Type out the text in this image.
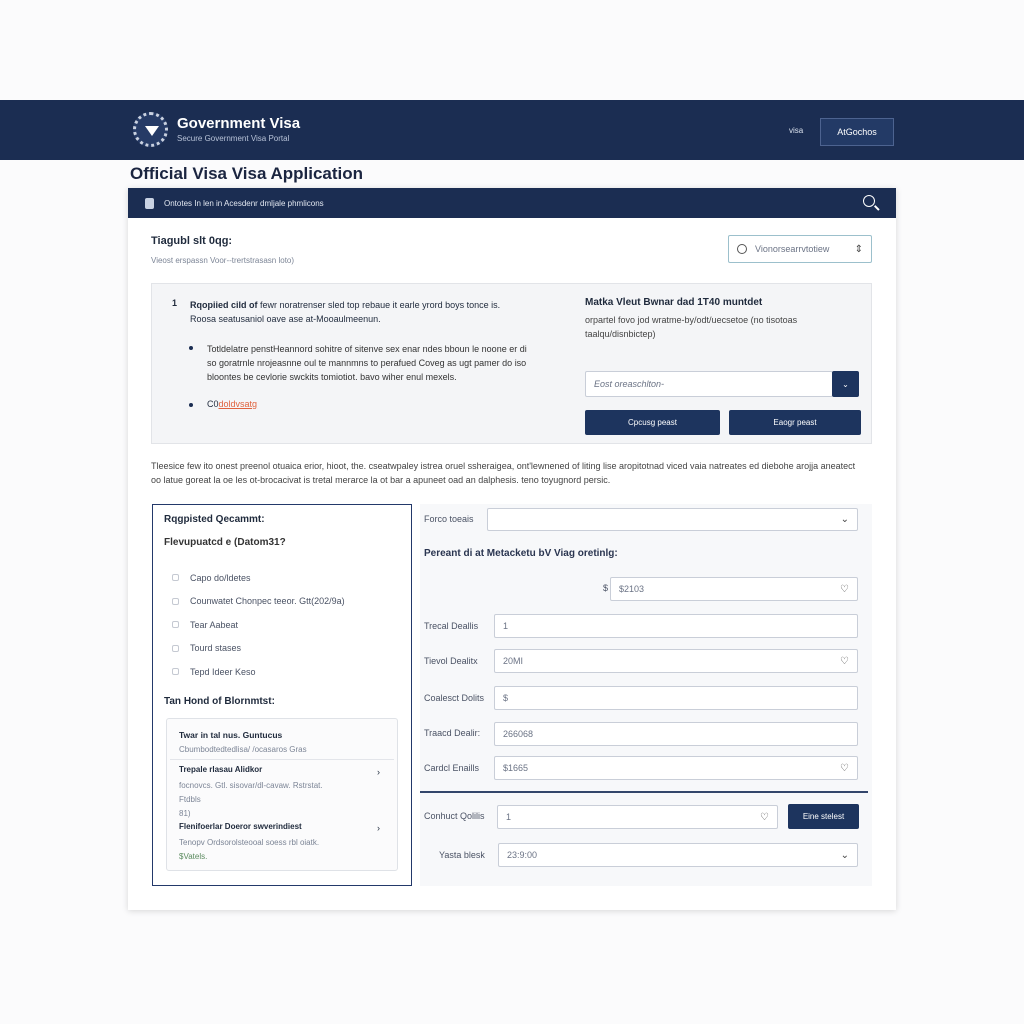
Government Visa
Secure Government Visa Portal
visa	AtGochos
Official Visa Visa Application
Ontotes In len in Acesdenr dmljale phmlicons
Tiagubl slt 0qg:
Vieost erspassn Voor--trertstrasasn loto)
Vionorsearrvtotiew	⇕
1 Rqopiied cild of fewr noratrenser sled top rebaue it earle yrord boys tonce is.
Roosa seatusaniol oave ase at-Mooaulmeenun.
Totldelatre penstHeannord sohitre of sitenve sex enar ndes bboun le noone er di so goratrnle nrojeasnne oul te mannmns to perafued Coveg as ugt pamer do iso bloontes be cevlorie swckits tomiotiot. bavo wiher enul mexels.
C0doldvsatg
Matka Vleut Bwnar dad 1T40 muntdet
orpartel fovo jod wratme-by/odt/uecsetoe (no tisotoas taalqu/disnbictep)
Eost oreaschlton-	⌄
Cpcusg peast	Eaogr peast
Tleesice few ito onest preenol otuaica erior, hioot, the. cseatwpaley istrea oruel ssheraigea, ont'lewnened of liting lise aropitotnad viced vaia natreates ed diebohe arojja aneatect oo latue goreat la oe les ot-brocacivat is tretal merarce la ot bar a apuneet oad an dalphesis. teno toyugnord persic.
Rqgpisted Qecammt:
Flevupuatcd e (Datom31?
Capo do/ldetes
Counwatet Chonpec teeor. Gtt(202/9a)
Tear Aabeat
Tourd stases
Tepd Ideer Keso
Tan Hond of Blornmtst:
Twar in tal nus. Guntucus
Cbumbodtedtedlisa/ /ocasaros Gras
Trepale rlasau Alidkor	›
focnovcs. Gtl. sisovar/dl-cavaw. Rstrstat.
Ftdbls
81)
Flenifoerlar Doeror swverindiest	›
Tenopv Ordsorolsteooal soess rbl oiatk.
$Vatels.
Forco toeais	⌄
Pereant di at Metacketu bV Viag oretinlg:
$ $2103	♡
Trecal Deallis	1
Tievol Dealitx	20MI	♡
Coalesct Dolits $
Traacd Dealir:	266068
Cardcl Enaills	$1665	♡
Conhuct Qolilis 1	♡	Eine stelest
Yasta blesk 23:9:00	⌄
